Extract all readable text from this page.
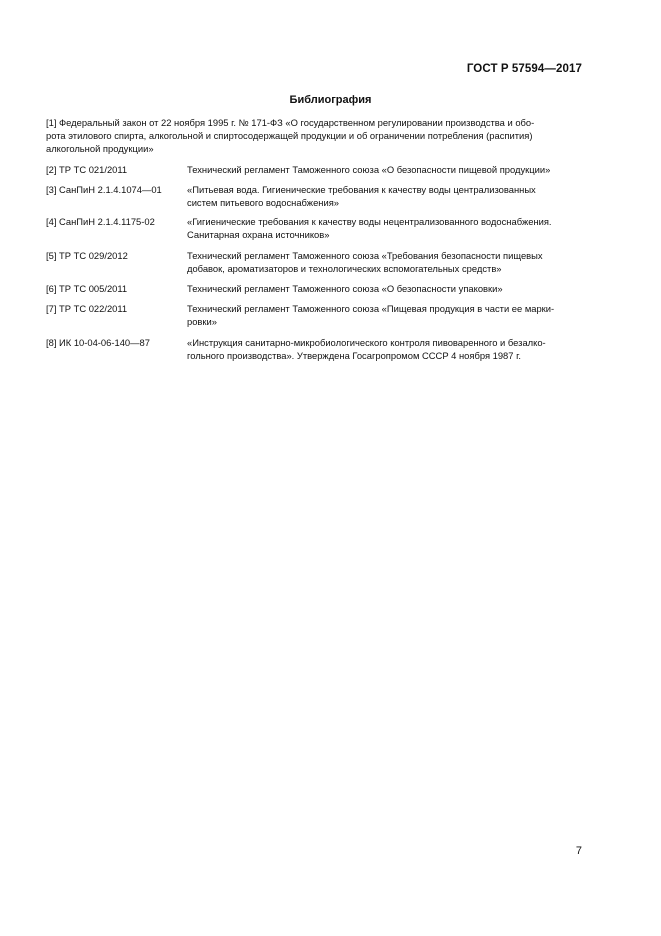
ГОСТ Р 57594—2017
Библиография
[1] Федеральный закон от 22 ноября 1995 г. № 171-ФЗ «О государственном регулировании производства и обо-
рота этилового спирта, алкогольной и спиртосодержащей продукции и об ограничении потребления (распития)
алкогольной продукции»
[2] ТР ТС 021/2011	Технический регламент Таможенного союза «О безопасности пищевой продукции»
[3] СанПиН 2.1.4.1074—01	«Питьевая вода. Гигиенические требования к качеству воды централизованных
систем питьевого водоснабжения»
[4] СанПиН 2.1.4.1175-02	«Гигиенические требования к качеству воды нецентрализованного водоснабжения.
Санитарная охрана источников»
[5] ТР ТС 029/2012	Технический регламент Таможенного союза «Требования безопасности пищевых
добавок, ароматизаторов и технологических вспомогательных средств»
[6] ТР ТС 005/2011	Технический регламент Таможенного союза «О безопасности упаковки»
[7] ТР ТС 022/2011	Технический регламент Таможенного союза «Пищевая продукция в части ее марки-
ровки»
[8] ИК 10-04-06-140—87	«Инструкция санитарно-микробиологического контроля пивоваренного и безалко-
гольного производства». Утверждена Госагропромом СССР 4 ноября 1987 г.
7
